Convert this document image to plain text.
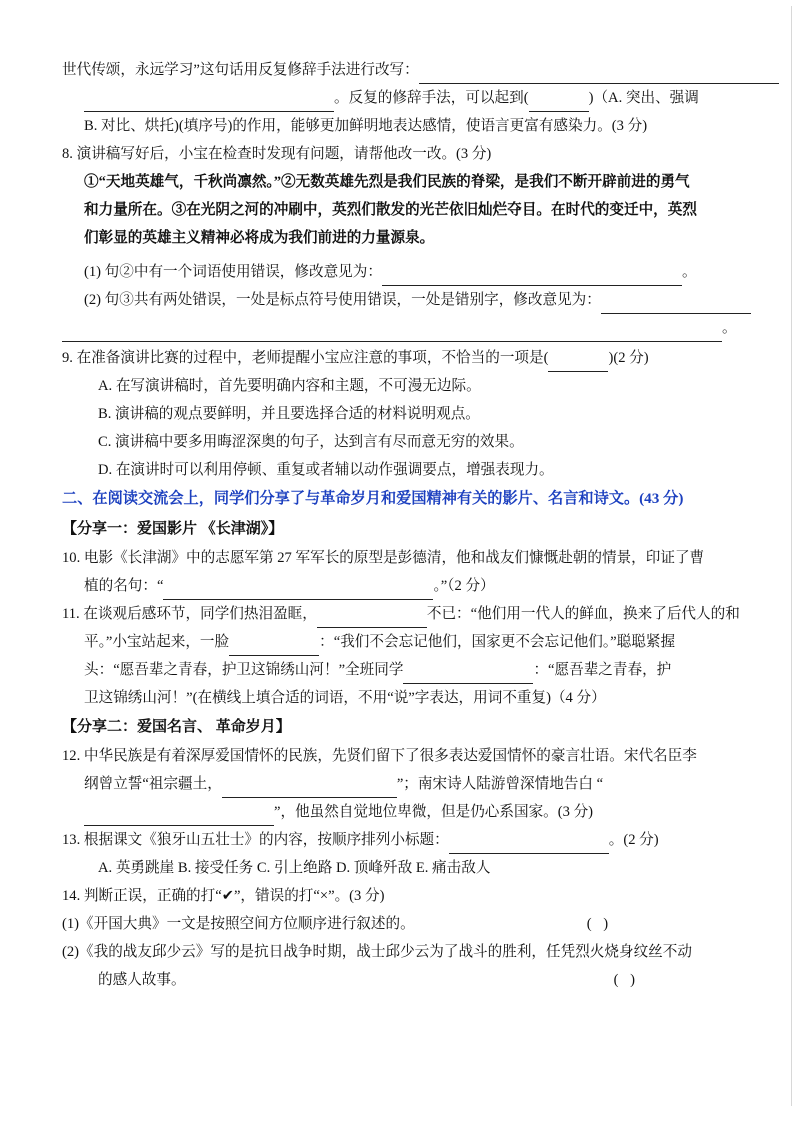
世代传颂，永远学习”这句话用反复修辞手法进行改写：
。反复的修辞手法，可以起到(	)（A. 突出、强调
B. 对比、烘托)(填序号)的作用，能够更加鲜明地表达感情，使语言更富有感染力。(3 分)
8. 演讲稿写好后，小宝在检查时发现有问题，请帮他改一改。(3 分)
①“天地英雄气，千秋尚凛然。”②无数英雄先烈是我们民族的脊梁，是我们不断开辟前进的勇气
和力量所在。③在光阴之河的冲刷中，英烈们散发的光芒依旧灿烂夺目。在时代的变迁中，英烈
们彰显的英雄主义精神必将成为我们前进的力量源泉。
(1) 句②中有一个词语使用错误，修改意见为：	。
(2) 句③共有两处错误，一处是标点符号使用错误，一处是错别字，修改意见为：
。
9. 在准备演讲比赛的过程中，老师提醒小宝应注意的事项，不恰当的一项是(	)(2 分)
A. 在写演讲稿时，首先要明确内容和主题，不可漫无边际。
B. 演讲稿的观点要鲜明，并且要选择合适的材料说明观点。
C. 演讲稿中要多用晦涩深奥的句子，达到言有尽而意无穷的效果。
D. 在演讲时可以利用停顿、重复或者辅以动作强调要点，增强表现力。
二、在阅读交流会上，同学们分享了与革命岁月和爱国精神有关的影片、名言和诗文。(43 分)
【分享一：爱国影片 《长津湖》】
10. 电影《长津湖》中的志愿军第 27 军军长的原型是彭德清，他和战友们慷慨赴朝的情景，印证了曹
植的名句：“	。”（2 分）
11. 在谈观后感环节，同学们热泪盈眶，	不已：“他们用一代人的鲜血，换来了后代人的和
平。”小宝站起来，一脸	：“我们不会忘记他们，国家更不会忘记他们。”聪聪紧握
头：“愿吾辈之青春，护卫这锦绣山河！”全班同学	：“愿吾辈之青春，护
卫这锦绣山河！”(在横线上填合适的词语，不用“说”字表达，用词不重复)（4 分）
【分享二：爱国名言、 革命岁月】
12. 中华民族是有着深厚爱国情怀的民族，先贤们留下了很多表达爱国情怀的豪言壮语。宋代名臣李
纲曾立誓“祖宗疆土，	”；南宋诗人陆游曾深情地告白 “
”，他虽然自觉地位卑微，但是仍心系国家。(3 分)
13. 根据课文《狼牙山五壮士》的内容，按顺序排列小标题：	。(2 分)
A. 英勇跳崖 B. 接受任务 C. 引上绝路 D. 顶峰歼敌 E. 痛击敌人
14. 判断正误，正确的打“✔”，错误的打“×”。(3 分)
(1)《开国大典》一文是按照空间方位顺序进行叙述的。	( )
(2)《我的战友邱少云》写的是抗日战争时期，战士邱少云为了战斗的胜利，任凭烈火烧身纹丝不动
的感人故事。	( )
